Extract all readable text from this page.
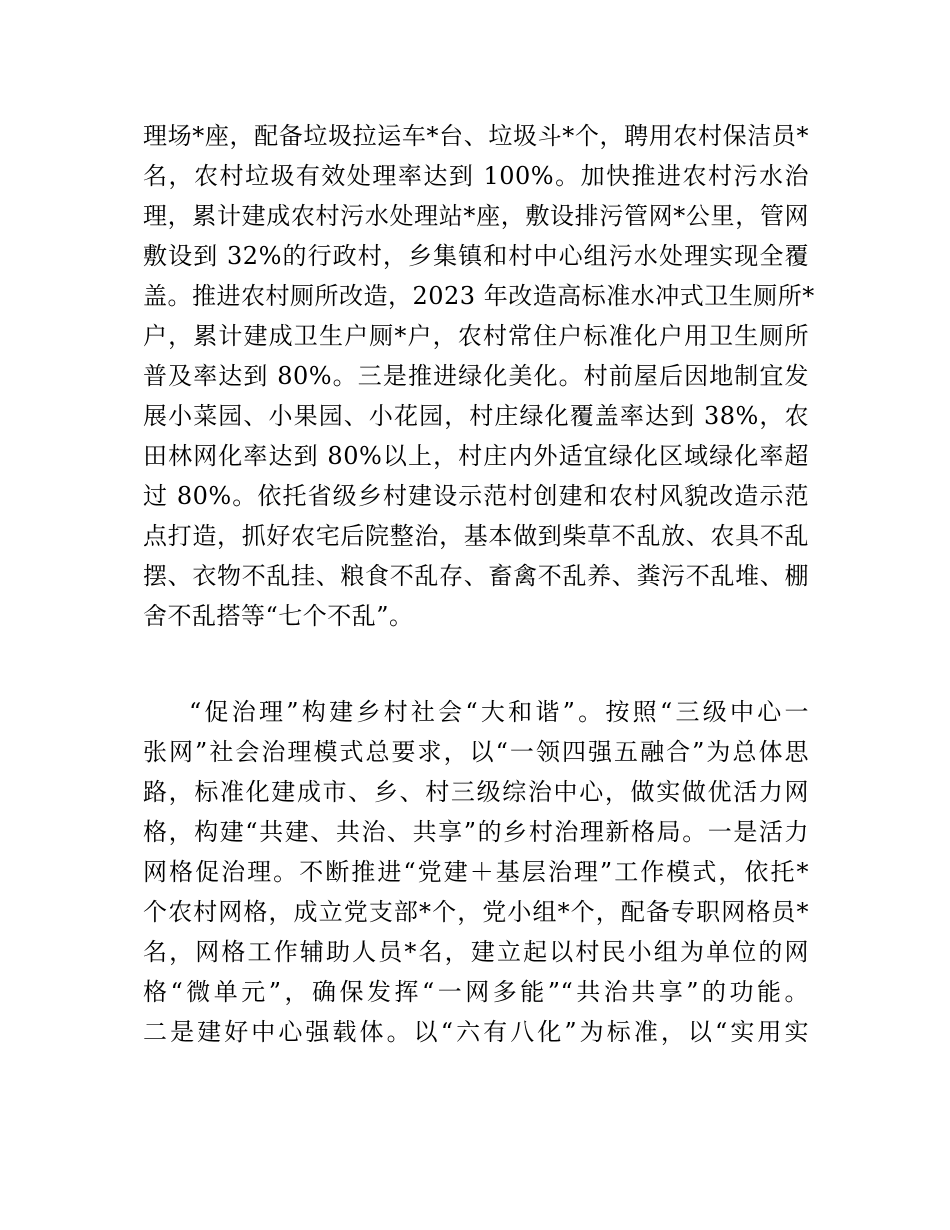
理场*座，配备垃圾拉运车*台、垃圾斗*个，聘用农村保洁员*
名，农村垃圾有效处理率达到 100%。加快推进农村污水治
理，累计建成农村污水处理站*座，敷设排污管网*公里，管网
敷设到 32%的行政村，乡集镇和村中心组污水处理实现全覆
盖。推进农村厕所改造，2023 年改造高标准水冲式卫生厕所*
户，累计建成卫生户厕*户，农村常住户标准化户用卫生厕所
普及率达到 80%。三是推进绿化美化。村前屋后因地制宜发
展小菜园、小果园、小花园，村庄绿化覆盖率达到 38%，农
田林网化率达到 80%以上，村庄内外适宜绿化区域绿化率超
过 80%。依托省级乡村建设示范村创建和农村风貌改造示范
点打造，抓好农宅后院整治，基本做到柴草不乱放、农具不乱
摆、衣物不乱挂、粮食不乱存、畜禽不乱养、粪污不乱堆、棚
舍不乱搭等“七个不乱”。
“促治理”构建乡村社会“大和谐”。按照“三级中心一
张网”社会治理模式总要求，以“一领四强五融合”为总体思
路，标准化建成市、乡、村三级综治中心，做实做优活力网
格，构建“共建、共治、共享”的乡村治理新格局。一是活力
网格促治理。不断推进“党建＋基层治理”工作模式，依托*
个农村网格，成立党支部*个，党小组*个，配备专职网格员*
名，网格工作辅助人员*名，建立起以村民小组为单位的网
格“微单元”，确保发挥“一网多能”“共治共享”的功能。
二是建好中心强载体。以“六有八化”为标准，以“实用实
